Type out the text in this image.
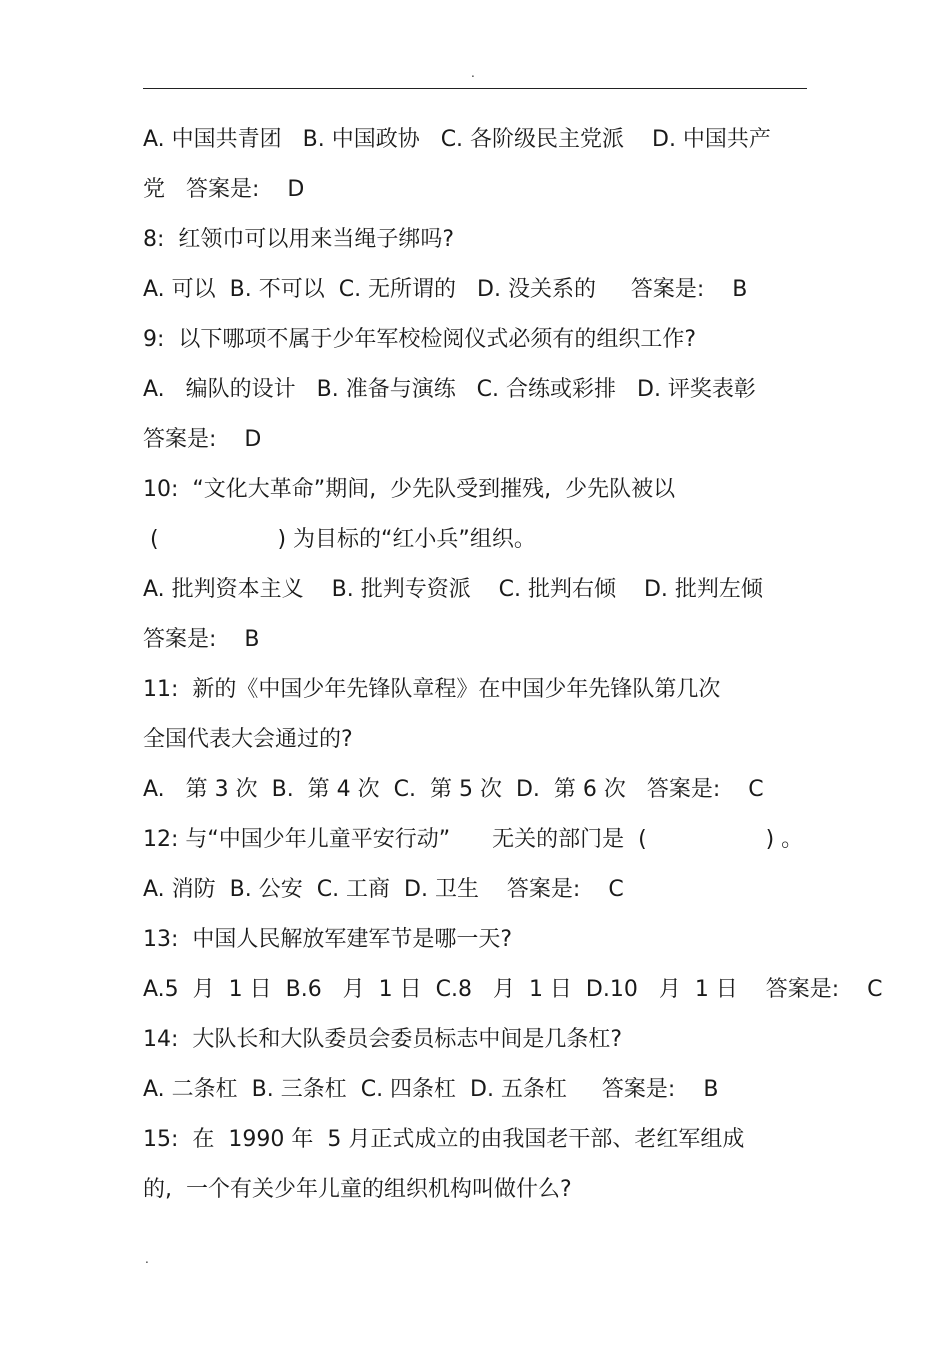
.
A. 中国共青团   B. 中国政协   C. 各阶级民主党派    D. 中国共产
党   答案是:    D
8:  红领巾可以用来当绳子绑吗?
A. 可以  B. 不可以  C. 无所谓的   D. 没关系的     答案是:    B
9:  以下哪项不属于少年军校检阅仪式必须有的组织工作?
A.   编队的设计   B. 准备与演练   C. 合练或彩排   D. 评奖表彰
答案是:    D
10:  “文化大革命”期间,  少先队受到摧残,  少先队被以
(                 ) 为目标的“红小兵”组织。
A. 批判资本主义    B. 批判专资派    C. 批判右倾    D. 批判左倾
答案是:    B
11:  新的《中国少年先锋队章程》在中国少年先锋队第几次
全国代表大会通过的?
A.   第 3 次  B.  第 4 次  C.  第 5 次  D.  第 6 次   答案是:    C
12: 与“中国少年儿童平安行动”      无关的部门是  (                 ) 。
A. 消防  B. 公安  C. 工商  D. 卫生    答案是:    C
13:  中国人民解放军建军节是哪一天?
A.5  月  1 日  B.6   月  1 日  C.8   月  1 日  D.10   月  1 日    答案是:    C
14:  大队长和大队委员会委员标志中间是几条杠?
A. 二条杠  B. 三条杠  C. 四条杠  D. 五条杠     答案是:    B
15:  在  1990 年  5 月正式成立的由我国老干部、老红军组成
的,  一个有关少年儿童的组织机构叫做什么?
.
